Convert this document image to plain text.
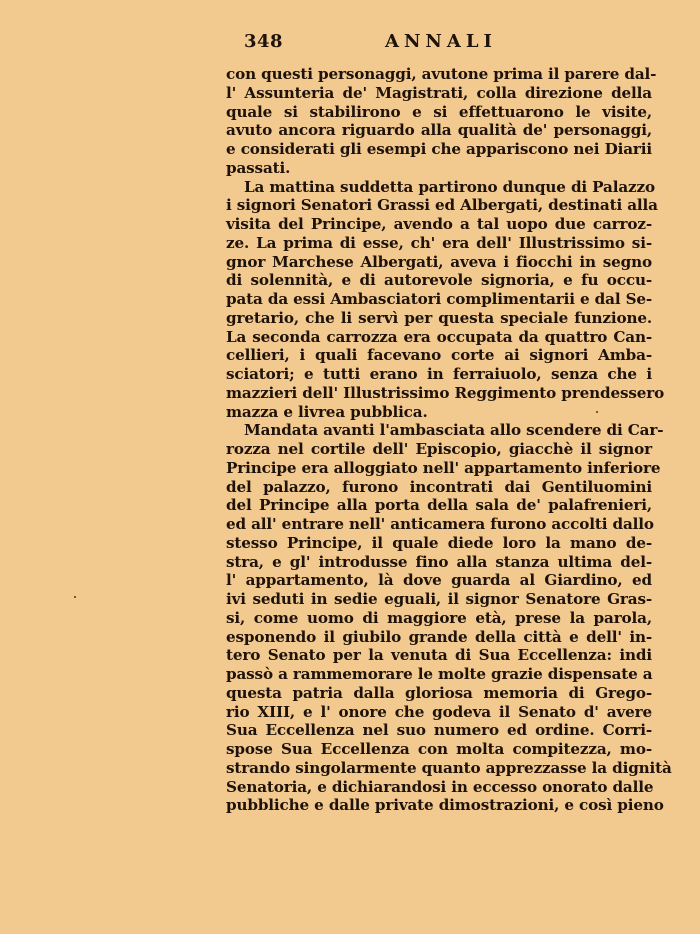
348	ANNALI
con questi personaggi, avutone prima il parere dal-
l' Assunteria de' Magistrati, colla direzione della
quale si stabilirono e si effettuarono le visite,
avuto ancora riguardo alla qualità de' personaggi,
e considerati gli esempi che appariscono nei Diarii
passati.
La mattina suddetta partirono dunque di Palazzo
i signori Senatori Grassi ed Albergati, destinati alla
visita del Principe, avendo a tal uopo due carroz-
ze. La prima di esse, ch' era dell' Illustrissimo si-
gnor Marchese Albergati, aveva i fiocchi in segno
di solennità, e di autorevole signoria, e fu occu-
pata da essi Ambasciatori complimentarii e dal Se-
gretario, che li servì per questa speciale funzione.
La seconda carrozza era occupata da quattro Can-
cellieri, i quali facevano corte ai signori Amba-
sciatori; e tutti erano in ferraiuolo, senza che i
mazzieri dell' Illustrissimo Reggimento prendessero
mazza e livrea pubblica.
Mandata avanti l'ambasciata allo scendere di Car-
rozza nel cortile dell' Episcopio, giacchè il signor
Principe era alloggiato nell' appartamento inferiore
del palazzo, furono incontrati dai Gentiluomini
del Principe alla porta della sala de' palafrenieri,
ed all' entrare nell' anticamera furono accolti dallo
stesso Principe, il quale diede loro la mano de-
stra, e gl' introdusse fino alla stanza ultima del-
l' appartamento, là dove guarda al Giardino, ed
ivi seduti in sedie eguali, il signor Senatore Gras-
si, come uomo di maggiore età, prese la parola,
esponendo il giubilo grande della città e dell' in-
tero Senato per la venuta di Sua Eccellenza: indi
passò a rammemorare le molte grazie dispensate a
questa patria dalla gloriosa memoria di Grego-
rio XIII, e l' onore che godeva il Senato d' avere
Sua Eccellenza nel suo numero ed ordine. Corri-
spose Sua Eccellenza con molta compitezza, mo-
strando singolarmente quanto apprezzasse la dignità
Senatoria, e dichiarandosi in eccesso onorato dalle
pubbliche e dalle private dimostrazioni, e così pieno
